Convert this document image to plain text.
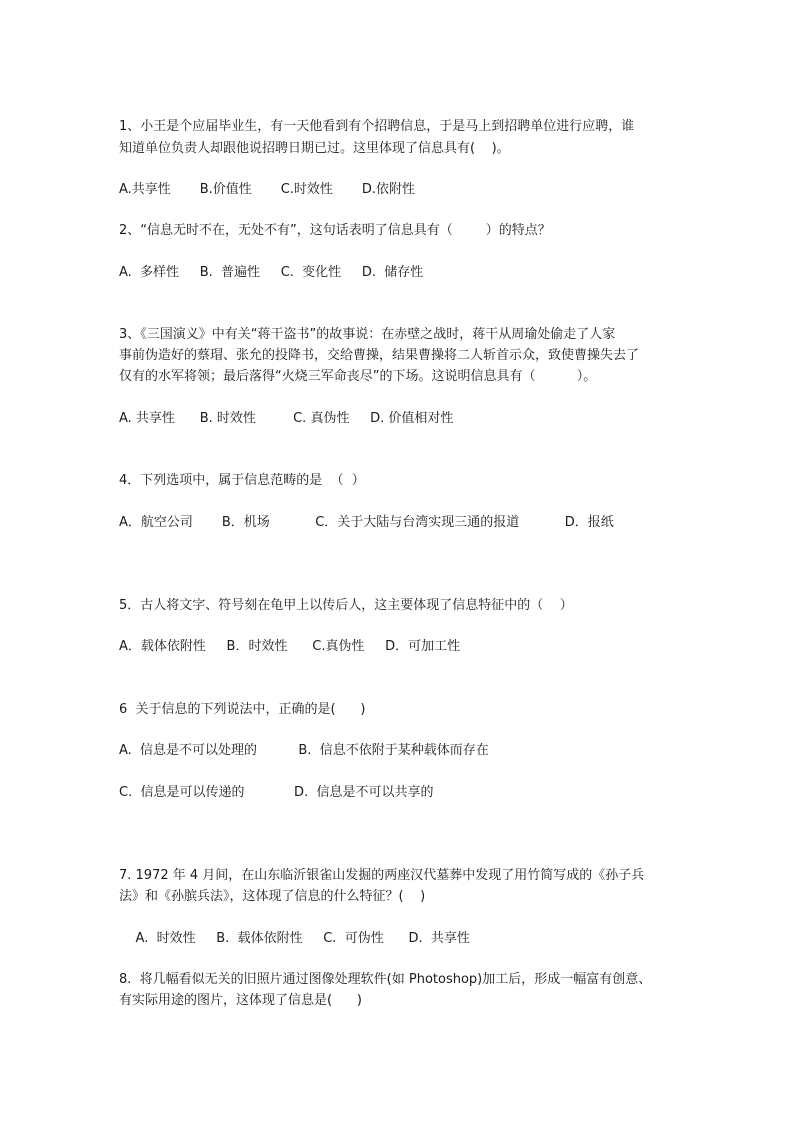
1、小王是个应届毕业生，有一天他看到有个招聘信息，于是马上到招聘单位进行应聘，谁
知道单位负责人却跟他说招聘日期已过。这里体现了信息具有(    )。
A.共享性       B.价值性       C.时效性       D.依附性
2、“信息无时不在，无处不有”，这句话表明了信息具有（        ）的特点？
A.  多样性     B.  普遍性     C.  变化性     D.  储存性
3、《三国演义》中有关“蒋干盗书”的故事说：在赤壁之战时，蒋干从周瑜处偷走了人家
事前伪造好的蔡瑁、张允的投降书，交给曹操，结果曹操将二人斩首示众，致使曹操失去了
仅有的水军将领；最后落得“火烧三军命丧尽”的下场。这说明信息具有（          ）。
A. 共享性      B. 时效性         C. 真伪性     D. 价值相对性
4．下列选项中，属于信息范畴的是  （  ）
A．航空公司       B．机场           C．关于大陆与台湾实现三通的报道           D．报纸
5．古人将文字、符号刻在龟甲上以传后人，这主要体现了信息特征中的（    ）
A．载体依附性     B．时效性      C.真伪性     D．可加工性
6  关于信息的下列说法中，正确的是(      )
A.  信息是不可以处理的          B.  信息不依附于某种载体而存在
C.  信息是可以传递的            D.  信息是不可以共享的
7. 1972 年 4 月间，在山东临沂银雀山发掘的两座汉代墓葬中发现了用竹简写成的《孙子兵
法》和《孙膑兵法》，这体现了信息的什么特征？(    )
A.  时效性     B.  载体依附性     C.  可伪性      D.  共享性
8.  将几幅看似无关的旧照片通过图像处理软件(如 Photoshop)加工后，形成一幅富有创意、
有实际用途的图片，这体现了信息是(      )
